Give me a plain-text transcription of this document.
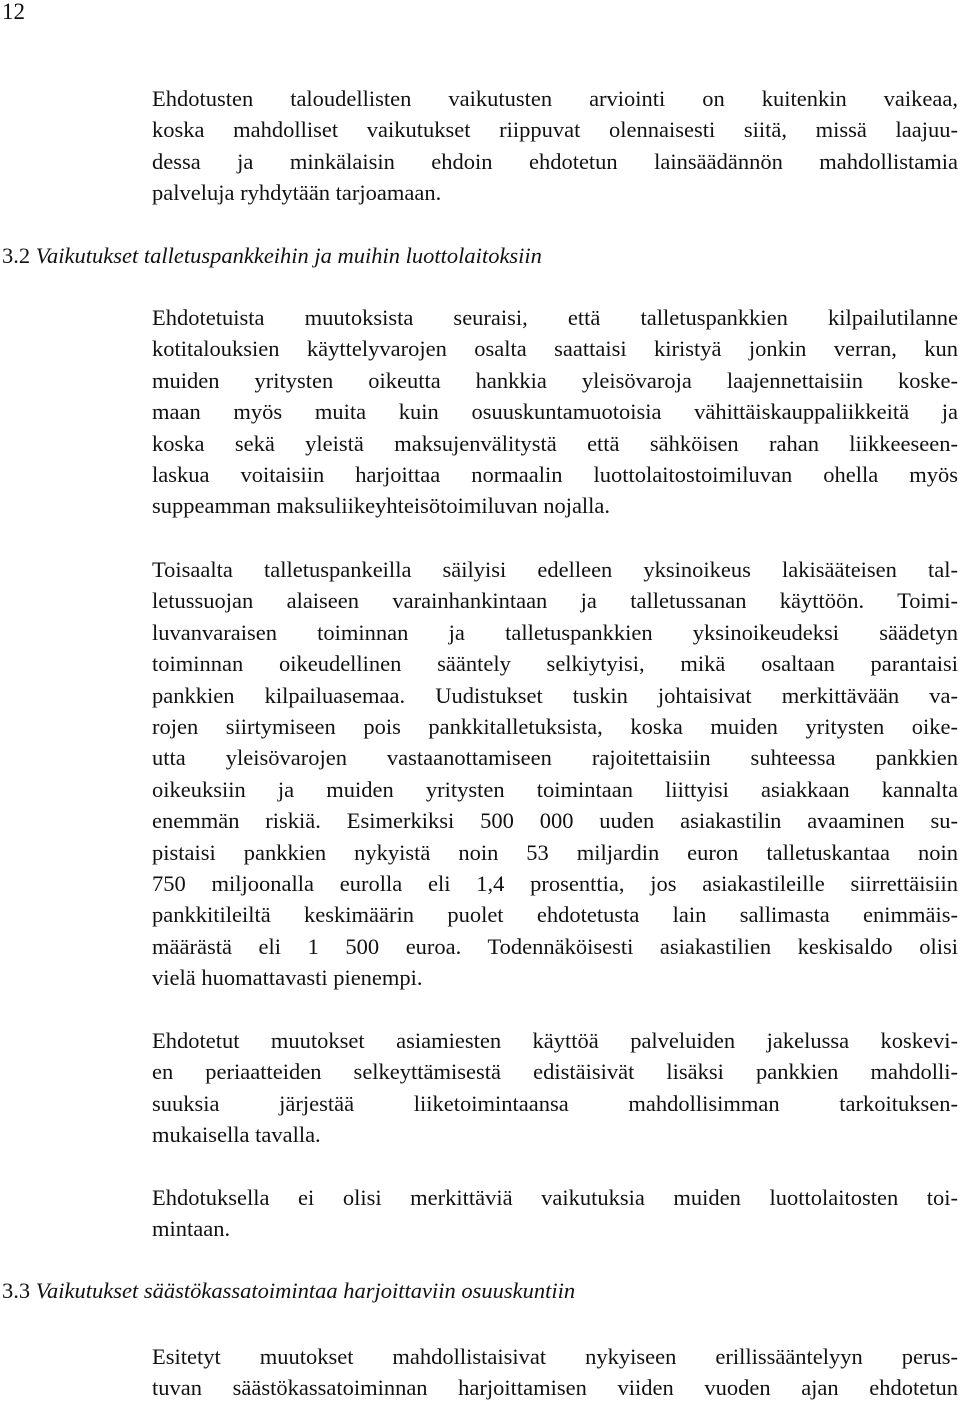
12
Ehdotusten taloudellisten vaikutusten arviointi on kuitenkin vaikeaa,
koska mahdolliset vaikutukset riippuvat olennaisesti siitä, missä laajuu-
dessa ja minkälaisin ehdoin ehdotetun lainsäädännön mahdollistamia
palveluja ryhdytään tarjoamaan.
3.2 Vaikutukset talletuspankkeihin ja muihin luottolaitoksiin
Ehdotetuista muutoksista seuraisi, että talletuspankkien kilpailutilanne
kotitalouksien käyttelyvarojen osalta saattaisi kiristyä jonkin verran, kun
muiden yritysten oikeutta hankkia yleisövaroja laajennettaisiin koske-
maan myös muita kuin osuuskuntamuotoisia vähittäiskauppaliikkeitä ja
koska sekä yleistä maksujenvälitystä että sähköisen rahan liikkeeseen-
laskua voitaisiin harjoittaa normaalin luottolaitostoimiluvan ohella myös
suppeamman maksuliikeyhteisötoimiluvan nojalla.
Toisaalta talletuspankeilla säilyisi edelleen yksinoikeus lakisääteisen tal-
letussuojan alaiseen varainhankintaan ja talletussanan käyttöön. Toimi-
luvanvaraisen toiminnan ja talletuspankkien yksinoikeudeksi säädetyn
toiminnan oikeudellinen sääntely selkiytyisi, mikä osaltaan parantaisi
pankkien kilpailuasemaa. Uudistukset tuskin johtaisivat merkittävään va-
rojen siirtymiseen pois pankkitalletuksista, koska muiden yritysten oike-
utta yleisövarojen vastaanottamiseen rajoitettaisiin suhteessa pankkien
oikeuksiin ja muiden yritysten toimintaan liittyisi asiakkaan kannalta
enemmän riskiä. Esimerkiksi 500 000 uuden asiakastilin avaaminen su-
pistaisi pankkien nykyistä noin 53 miljardin euron talletuskantaa noin
750 miljoonalla eurolla eli 1,4 prosenttia, jos asiakastileille siirrettäisiin
pankkitileiltä keskimäärin puolet ehdotetusta lain sallimasta enimmäis-
määrästä eli 1 500 euroa. Todennäköisesti asiakastilien keskisaldo olisi
vielä huomattavasti pienempi.
Ehdotetut muutokset asiamiesten käyttöä palveluiden jakelussa koskevi-
en periaatteiden selkeyttämisestä edistäisivät lisäksi pankkien mahdolli-
suuksia järjestää liiketoimintaansa mahdollisimman tarkoituksen-
mukaisella tavalla.
Ehdotuksella ei olisi merkittäviä vaikutuksia muiden luottolaitosten toi-
mintaan.
3.3 Vaikutukset säästökassatoimintaa harjoittaviin osuuskuntiin
Esitetyt muutokset mahdollistaisivat nykyiseen erillissääntelyyn perus-
tuvan säästökassatoiminnan harjoittamisen viiden vuoden ajan ehdotetun
